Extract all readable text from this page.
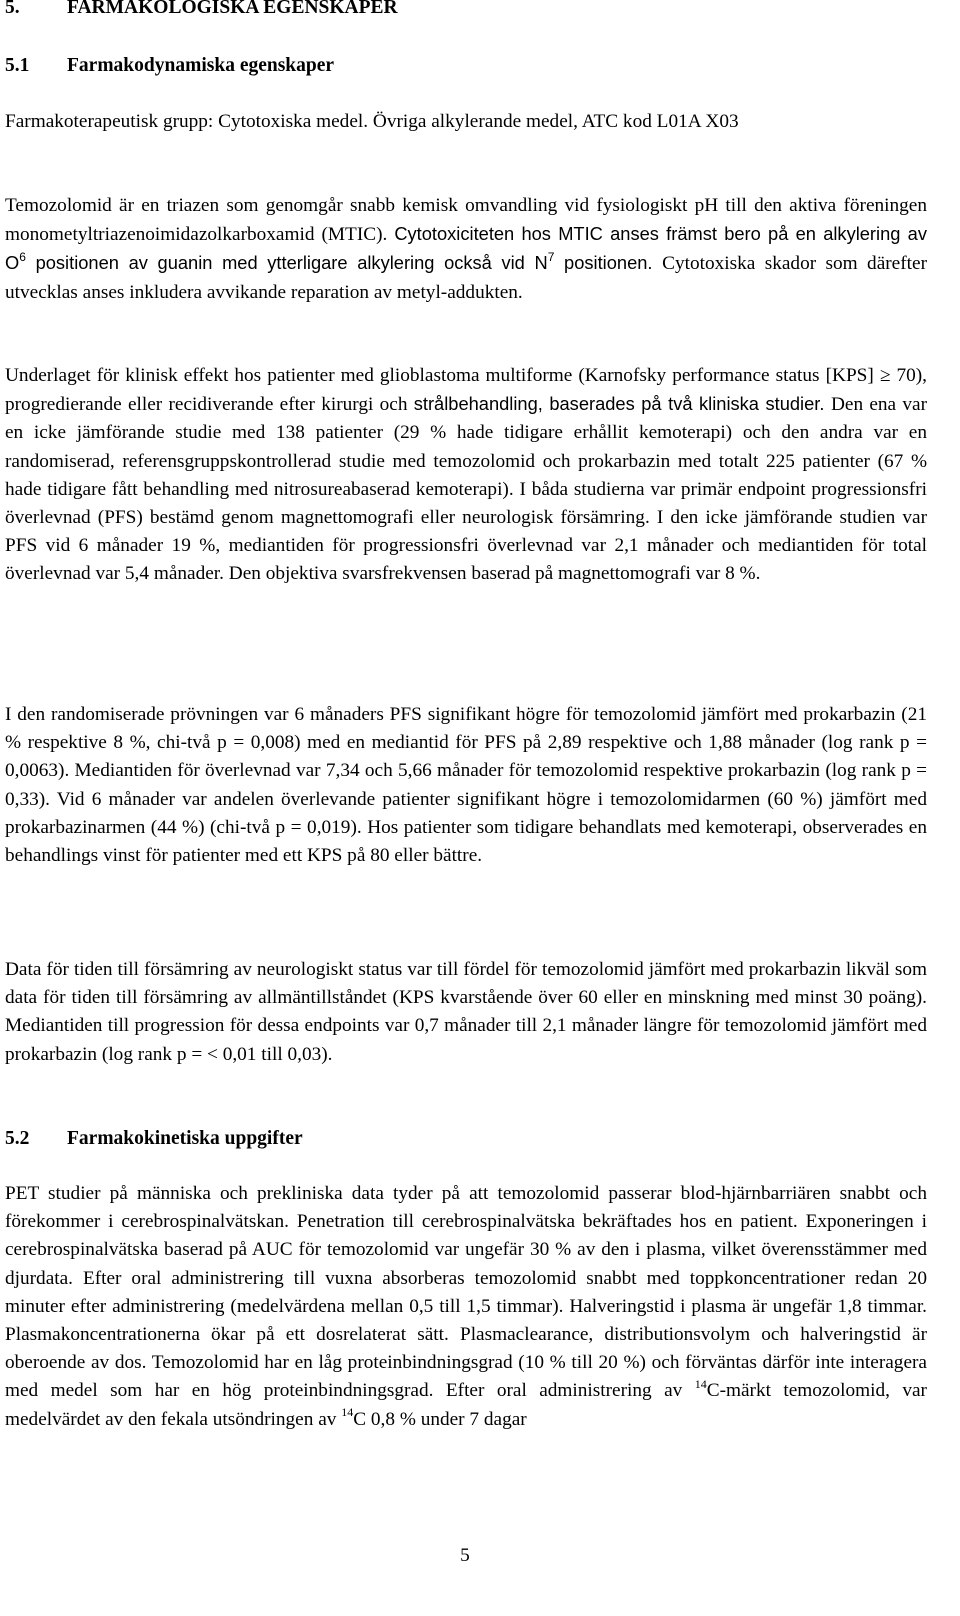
5. FARMAKOLOGISKA EGENSKAPER
5.1 Farmakodynamiska egenskaper

Farmakoterapeutisk grupp: Cytotoxiska medel. Övriga alkylerande medel, ATC kod L01A X03

Temozolomid är en triazen som genomgår snabb kemisk omvandling vid fysiologiskt pH till den aktiva föreningen monometyltriazenoimidazolkarboxamid (MTIC). Cytotoxiciteten hos MTIC anses främst bero på en alkylering av $O^6$ positionen av guanin med ytterligare alkylering också vid $N^7$ positionen. Cytotoxiska skador som därefter utvecklas anses inkludera avvikande reparation av metyl-addukten.

Underlaget för klinisk effekt hos patienter med glioblastoma multiforme (Karnofsky performance status [KPS] ≥ 70), progredierande eller recidiverande efter kirurgi och strålbehandling, baserades på två kliniska studier. Den ena var en icke jämförande studie med 138 patienter (29 % hade tidigare erhållit kemoterapi) och den andra var en randomiserad, referensgruppskontrollerad studie med temozolomid och prokarbazin med totalt 225 patienter (67 % hade tidigare fått behandling med nitrosureabaserad kemoterapi). I båda studierna var primär endpoint progressionsfri överlevnad (PFS) bestämd genom magnettomografi eller neurologisk försämring. I den icke jämförande studien var PFS vid 6 månader 19 %, mediantiden för progressionsfri överlevnad var 2,1 månader och mediantiden för total överlevnad var 5,4 månader. Den objektiva svarsfrekvensen baserad på magnettomografi var 8 %.

I den randomiserade prövningen var 6 månaders PFS signifikant högre för temozolomid jämfört med prokarbazin (21 % respektive 8 %, chi-två p = 0,008) med en mediantid för PFS på 2,89 respektive och 1,88 månader (log rank p = 0,0063). Mediantiden för överlevnad var 7,34 och 5,66 månader för temozolomid respektive prokarbazin (log rank p = 0,33). Vid 6 månader var andelen överlevande patienter signifikant högre i temozolomidarmen (60 %) jämfört med prokarbazinarmen (44 %) (chi-två p = 0,019). Hos patienter som tidigare behandlats med kemoterapi, observerades en behandlings vinst för patienter med ett KPS på 80 eller bättre.

Data för tiden till försämring av neurologiskt status var till fördel för temozolomid jämfört med prokarbazin likväl som data för tiden till försämring av allmäntillståndet (KPS kvarstående över 60 eller en minskning med minst 30 poäng). Mediantiden till progression för dessa endpoints var 0,7 månader till 2,1 månader längre för temozolomid jämfört med prokarbazin (log rank p = < 0,01 till 0,03).

5.2 Farmakokinetiska uppgifter

PET studier på människa och prekliniska data tyder på att temozolomid passerar blod-hjärnbarriären snabbt och förekommer i cerebrospinalvätskan. Penetration till cerebrospinalvätska bekräftades hos en patient. Exponeringen i cerebrospinalvätska baserad på AUC för temozolomid var ungefär 30 % av den i plasma, vilket överensstämmer med djurdata. Efter oral administrering till vuxna absorberas temozolomid snabbt med toppkoncentrationer redan 20 minuter efter administrering (medelvärdena mellan 0,5 till 1,5 timmar). Halveringstid i plasma är ungefär 1,8 timmar. Plasmakoncentrationerna ökar på ett dosrelaterat sätt. Plasmaclearance, distributionsvolym och halveringstid är oberoende av dos. Temozolomid har en låg proteinbindningsgrad (10 % till 20 %) och förväntas därför inte interagera med medel som har en hög proteinbindningsgrad. Efter oral administrering av $^{14}$C-märkt temozolomid, var medelvärdet av den fekala utsöndringen av $^{14}$C 0,8 % under 7 dagar

5
